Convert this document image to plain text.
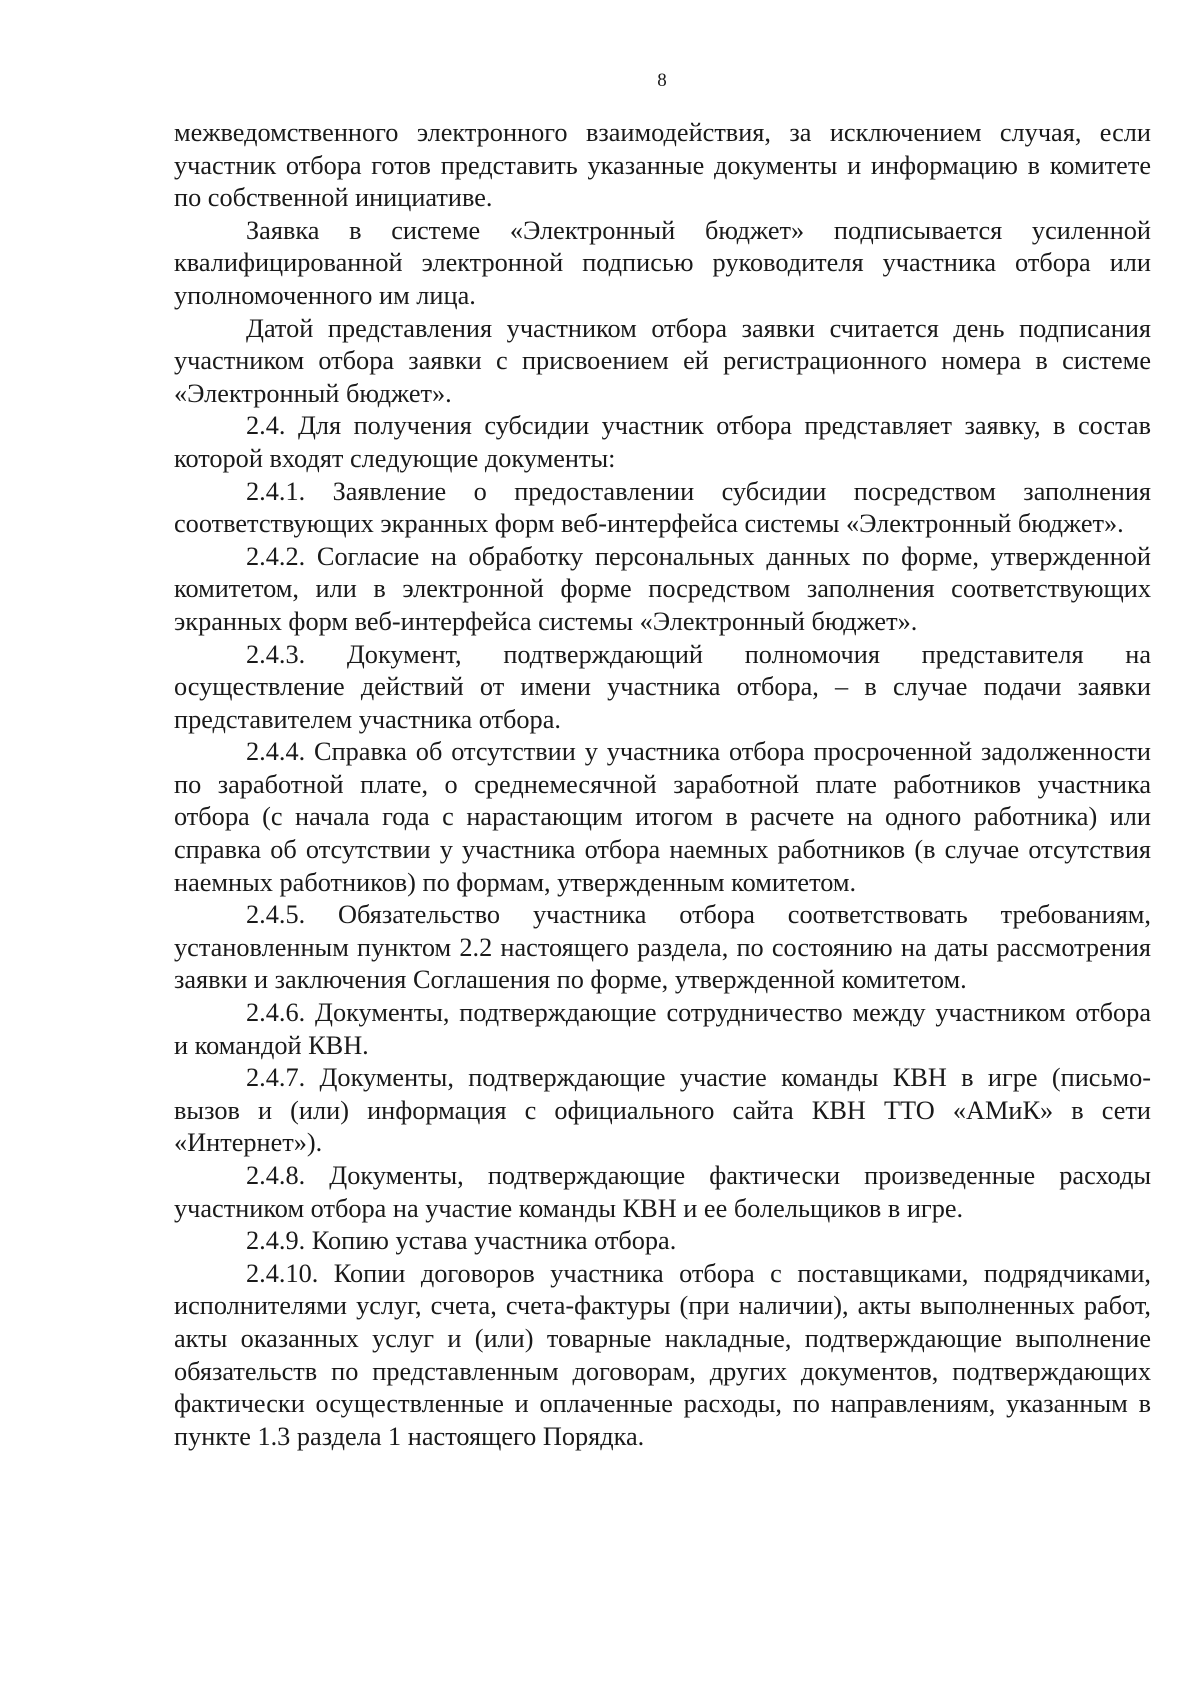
8

межведомственного электронного взаимодействия, за исключением случая, если участник отбора готов представить указанные документы и информацию в комитете по собственной инициативе.

Заявка в системе «Электронный бюджет» подписывается усиленной квалифицированной электронной подписью руководителя участника отбора или уполномоченного им лица.

Датой представления участником отбора заявки считается день подписания участником отбора заявки с присвоением ей регистрационного номера в системе «Электронный бюджет».

2.4. Для получения субсидии участник отбора представляет заявку, в состав которой входят следующие документы:

2.4.1. Заявление о предоставлении субсидии посредством заполнения соответствующих экранных форм веб-интерфейса системы «Электронный бюджет».

2.4.2. Согласие на обработку персональных данных по форме, утвержденной комитетом, или в электронной форме посредством заполнения соответствующих экранных форм веб-интерфейса системы «Электронный бюджет».

2.4.3. Документ, подтверждающий полномочия представителя на осуществление действий от имени участника отбора, – в случае подачи заявки представителем участника отбора.

2.4.4. Справка об отсутствии у участника отбора просроченной задолженности по заработной плате, о среднемесячной заработной плате работников участника отбора (с начала года с нарастающим итогом в расчете на одного работника) или справка об отсутствии у участника отбора наемных работников (в случае отсутствия наемных работников) по формам, утвержденным комитетом.

2.4.5. Обязательство участника отбора соответствовать требованиям, установленным пунктом 2.2 настоящего раздела, по состоянию на даты рассмотрения заявки и заключения Соглашения по форме, утвержденной комитетом.

2.4.6. Документы, подтверждающие сотрудничество между участником отбора и командой КВН.

2.4.7. Документы, подтверждающие участие команды КВН в игре (письмо-вызов и (или) информация с официального сайта КВН ТТО «АМиК» в сети «Интернет»).

2.4.8. Документы, подтверждающие фактически произведенные расходы участником отбора на участие команды КВН и ее болельщиков в игре.

2.4.9. Копию устава участника отбора.

2.4.10. Копии договоров участника отбора с поставщиками, подрядчиками, исполнителями услуг, счета, счета-фактуры (при наличии), акты выполненных работ, акты оказанных услуг и (или) товарные накладные, подтверждающие выполнение обязательств по представленным договорам, других документов, подтверждающих фактически осуществленные и оплаченные расходы, по направлениям, указанным в пункте 1.3 раздела 1 настоящего Порядка.
